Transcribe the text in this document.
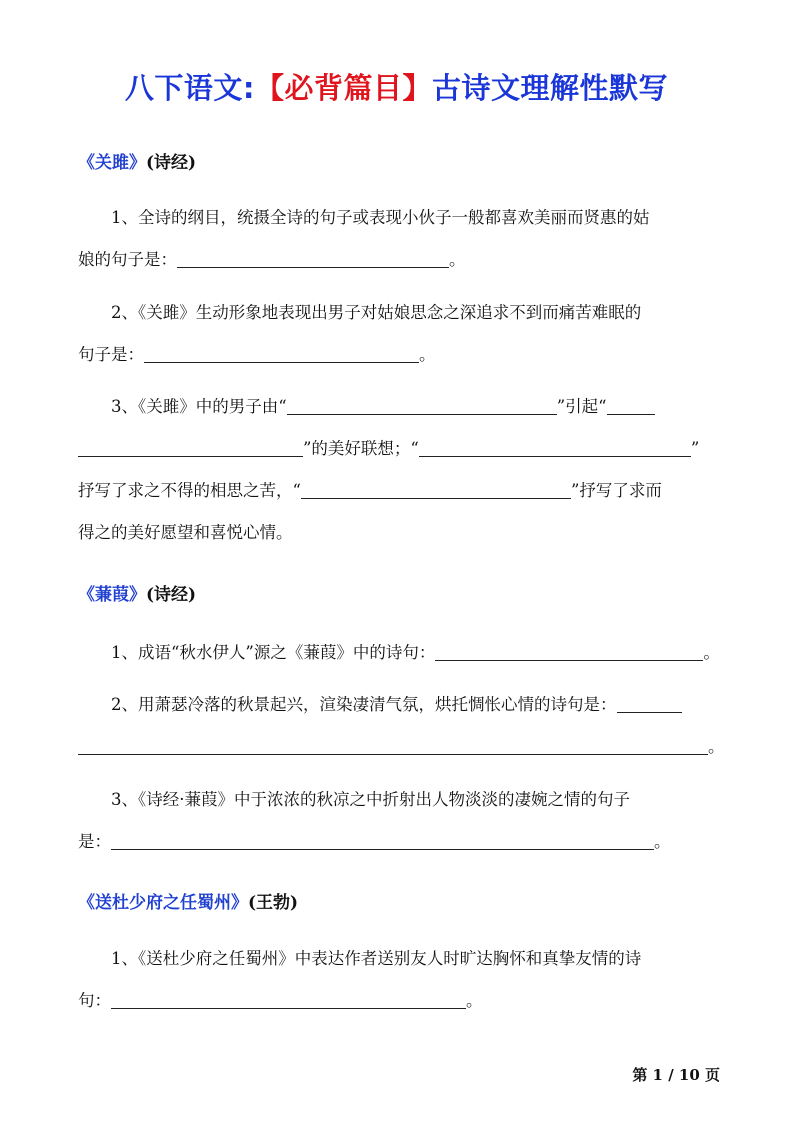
八下语文:【必背篇目】古诗文理解性默写
《关雎》(诗经)
1、全诗的纲目，统摄全诗的句子或表现小伙子一般都喜欢美丽而贤惠的姑
娘的句子是：	。
2、《关雎》生动形象地表现出男子对姑娘思念之深追求不到而痛苦难眠的
句子是：	。
3、《关雎》中的男子由“	”引起“
”的美好联想；“	”
抒写了求之不得的相思之苦，“	”抒写了求而
得之的美好愿望和喜悦心情。
《蒹葭》(诗经)
1、成语“秋水伊人”源之《蒹葭》中的诗句：	。
2、用萧瑟冷落的秋景起兴，渲染凄清气氛，烘托惆怅心情的诗句是：
。
3、《诗经·蒹葭》中于浓浓的秋凉之中折射出人物淡淡的凄婉之情的句子
是：	。
《送杜少府之任蜀州》(王勃)
1、《送杜少府之任蜀州》中表达作者送别友人时旷达胸怀和真挚友情的诗
句：	。
第 1 / 10 页
